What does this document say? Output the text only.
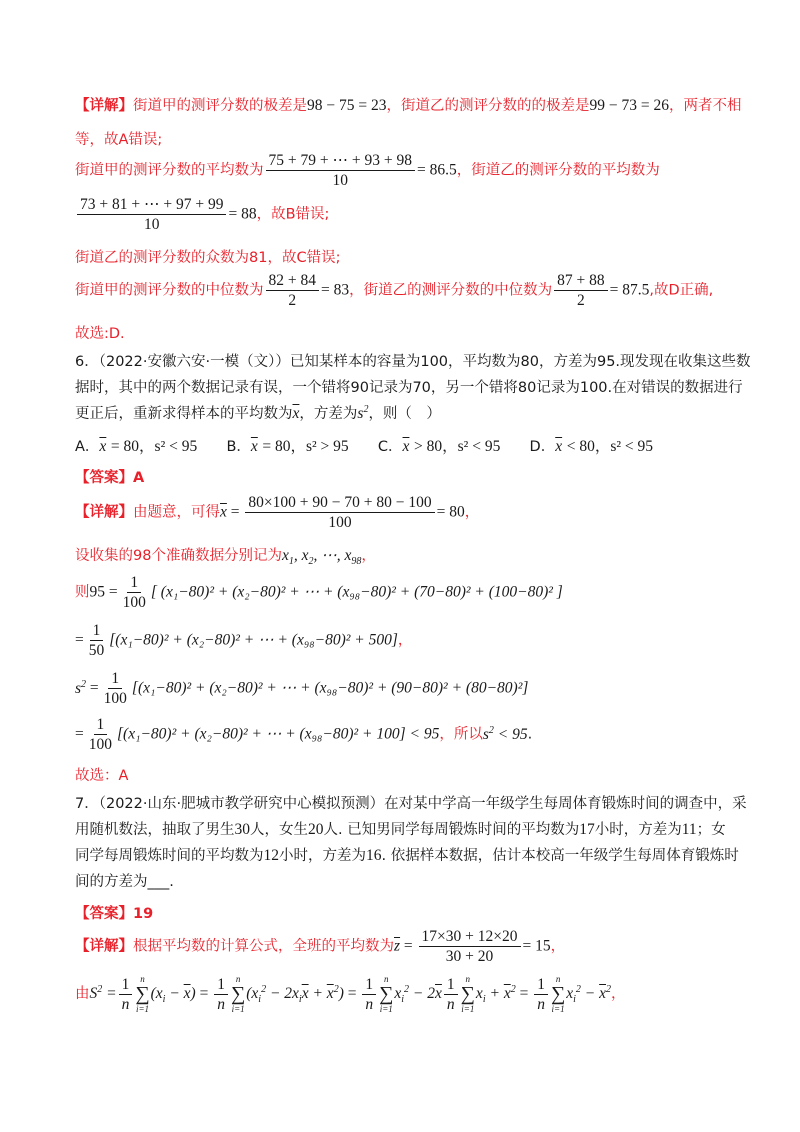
【详解】街道甲的测评分数的极差是98 − 75 = 23，街道乙的测评分数的的极差是99 − 73 = 26，两者不相
等，故A错误;
街道甲的测评分数的平均数为 $\frac{75 + 79 + \cdots + 93 + 98}{10} = 86.5$，街道乙的测评分数的平均数为
$\frac{73 + 81 + \cdots + 97 + 99}{10} = 88$，故B错误;
街道乙的测评分数的众数为81，故C错误;
街道甲的测评分数的中位数为 $\frac{82 + 84}{2} = 83$，街道乙的测评分数的中位数为 $\frac{87 + 88}{2} = 87.5$,故D正确,
故选:D.
6．（2022·安徽六安·一模（文））已知某样本的容量为100，平均数为80，方差为95.现发现在收集这些数
据时，其中的两个数据记录有误，一个错将90记录为70，另一个错将80记录为100.在对错误的数据进行
更正后，重新求得样本的平均数为$\overline{x}$，方差为$s^2$，则（　）
A．$\overline{x} = 80$，s² < 95 B．$\overline{x} = 80$，s² > 95 C．$\overline{x} > 80$，s² < 95 D．$\overline{x} < 80$，s² < 95
【答案】A
【详解】由题意，可得$\overline{x} = \frac{80\times 100 + 90 - 70 + 80 - 100}{100} = 80$，
设收集的98个准确数据分别记为$x_1$, $x_2$, ⋯, $x_{98}$，
则$95 = \frac{1}{100}$ [ (x₁−80)² + (x₂−80)² + ⋯ + (x₉₈−80)² + (70−80)² + (100−80)² ]
= $\frac{1}{50} [(x_1-80)^2 + (x_2-80)^2$ + ⋯ + (x₉₈−80)² + 500]，
$s^2 = \frac{1}{100} [(x_1-80)^2 + (x_2-80)^2$ + ⋯ + (x₉₈−80)² + (90−80)² + (80−80)²]
= $\frac{1}{100} [(x_1-80)^2 + (x_2-80)^2$ + ⋯ + (x₉₈−80)² + 100] < 95，所以$s^2 < 95$.
故选：A
7．（2022·山东·肥城市教学研究中心模拟预测）在对某中学高一年级学生每周体育锻炼时间的调查中，采
用随机数法，抽取了男生30人，女生20人. 已知男同学每周锻炼时间的平均数为17小时，方差为11；女
同学每周锻炼时间的平均数为12小时，方差为16. 依据样本数据，估计本校高一年级学生每周体育锻炼时
间的方差为___.
【答案】19
【详解】根据平均数的计算公式，全班的平均数为$\overline{z} = \frac{17\times 30 + 12\times 20}{30 + 20} = 15$，
由$S^2 = \frac{1}{n}$ n
∑
i=1
$(x_i - \overline{x}) = \frac{1}{n}$ n
∑
i=1
$(x_i^2 - 2x_i\overline{x} + \overline{x}^2) = \frac{1}{n}$ n
∑
i=1
$x_i^2 - 2\overline{x} \frac{1}{n}$ n
∑
i=1
$x_i + \overline{x}^2 = \frac{1}{n}$ n
∑
i=1
$x_i^2 - \overline{x}^2$，
